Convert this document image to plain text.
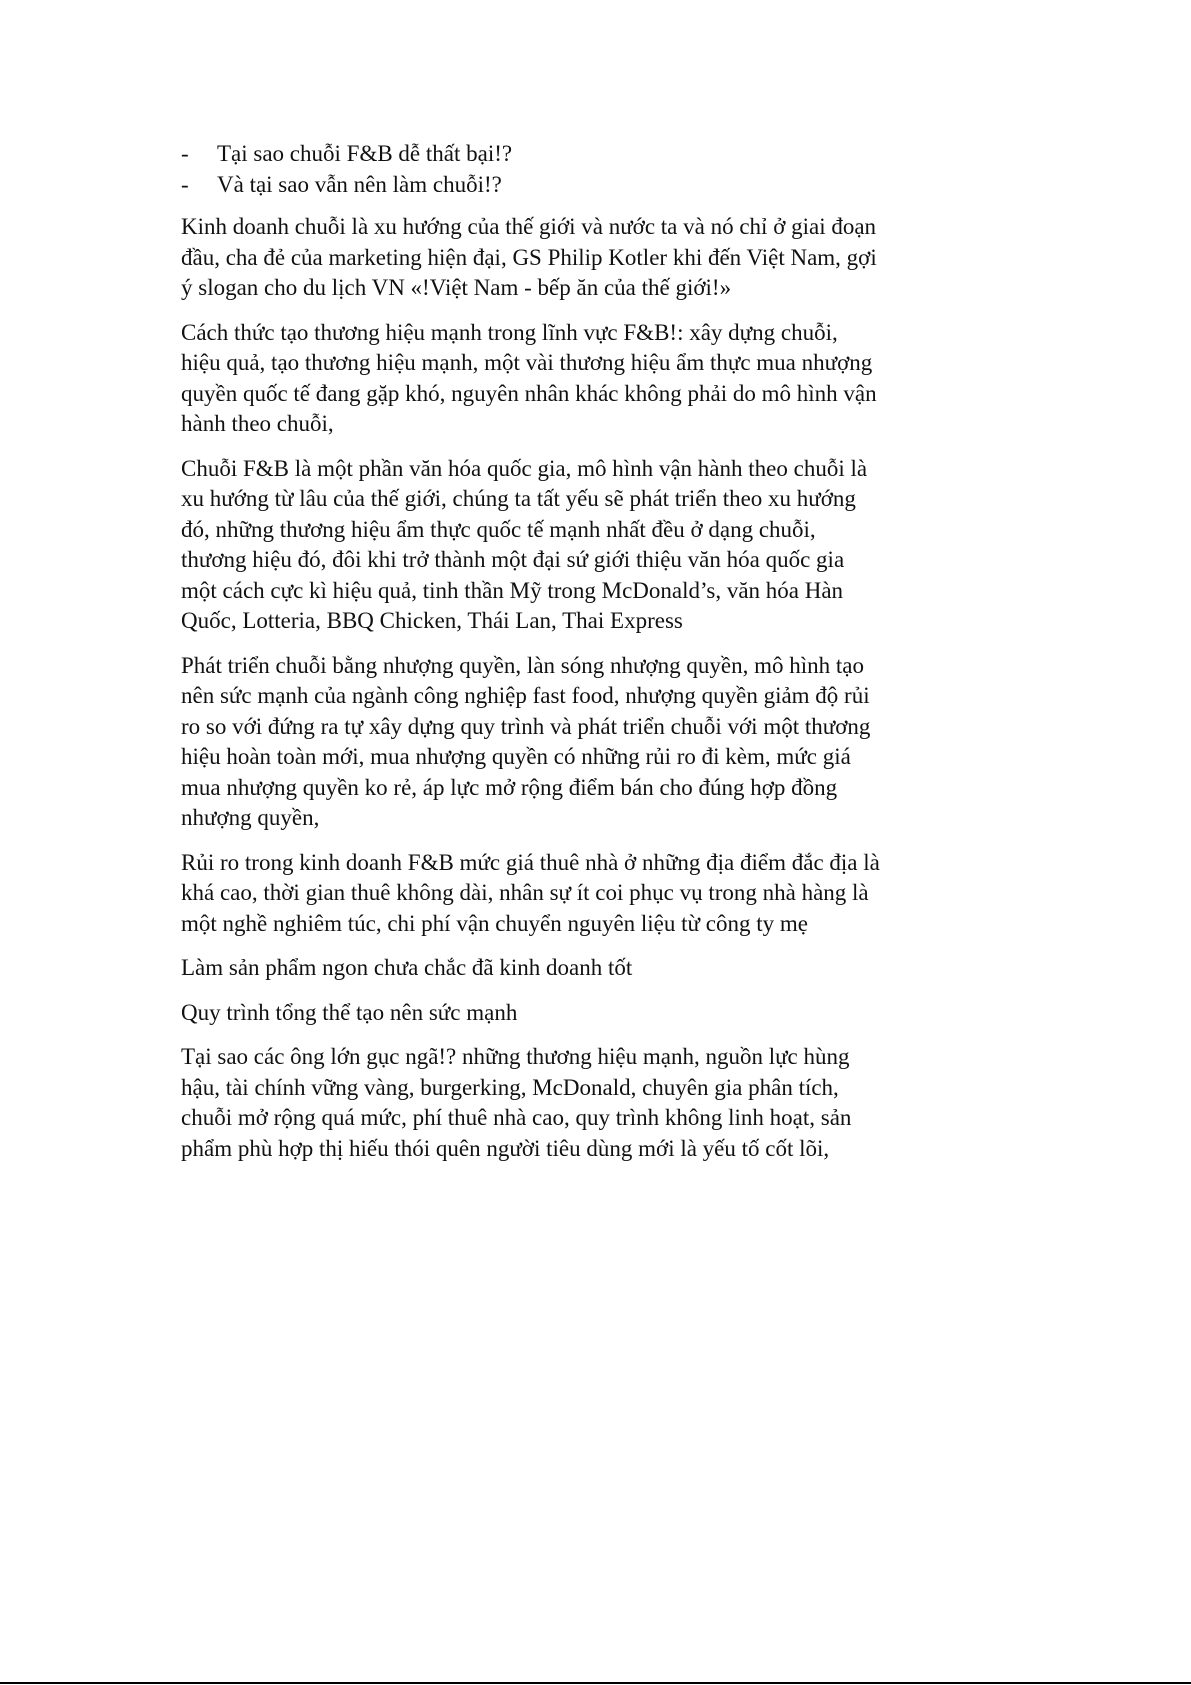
-	Tại sao chuỗi F&B dễ thất bại!?
-	Và tại sao vẫn nên làm chuỗi!?

Kinh doanh chuỗi là xu hướng của thế giới và nước ta và nó chỉ ở giai đoạn đầu, cha đẻ của marketing hiện đại, GS Philip Kotler khi đến Việt Nam, gợi ý slogan cho du lịch VN «!Việt Nam - bếp ăn của thế giới!»

Cách thức tạo thương hiệu mạnh trong lĩnh vực F&B!: xây dựng chuỗi, hiệu quả, tạo thương hiệu mạnh, một vài thương hiệu ẩm thực mua nhượng quyền quốc tế đang gặp khó, nguyên nhân khác không phải do mô hình vận hành theo chuỗi,

Chuỗi F&B là một phần văn hóa quốc gia, mô hình vận hành theo chuỗi là xu hướng từ lâu của thế giới, chúng ta tất yếu sẽ phát triển theo xu hướng đó, những thương hiệu ẩm thực quốc tế mạnh nhất đều ở dạng chuỗi, thương hiệu đó, đôi khi trở thành một đại sứ giới thiệu văn hóa quốc gia một cách cực kì hiệu quả, tinh thần Mỹ trong McDonald’s, văn hóa Hàn Quốc, Lotteria, BBQ Chicken, Thái Lan, Thai Express

Phát triển chuỗi bằng nhượng quyền, làn sóng nhượng quyền, mô hình tạo nên sức mạnh của ngành công nghiệp fast food, nhượng quyền giảm độ rủi ro so với đứng ra tự xây dựng quy trình và phát triển chuỗi với một thương hiệu hoàn toàn mới, mua nhượng quyền có những rủi ro đi kèm, mức giá mua nhượng quyền ko rẻ, áp lực mở rộng điểm bán cho đúng hợp đồng nhượng quyền,

Rủi ro trong kinh doanh F&B mức giá thuê nhà ở những địa điểm đắc địa là khá cao, thời gian thuê không dài, nhân sự ít coi phục vụ trong nhà hàng là một nghề nghiêm túc, chi phí vận chuyển nguyên liệu từ công ty mẹ

Làm sản phẩm ngon chưa chắc đã kinh doanh tốt

Quy trình tổng thể tạo nên sức mạnh

Tại sao các ông lớn gục ngã!? những thương hiệu mạnh, nguồn lực hùng hậu, tài chính vững vàng, burgerking, McDonald, chuyên gia phân tích, chuỗi mở rộng quá mức, phí thuê nhà cao, quy trình không linh hoạt, sản phẩm phù hợp thị hiếu thói quên người tiêu dùng mới là yếu tố cốt lõi,
